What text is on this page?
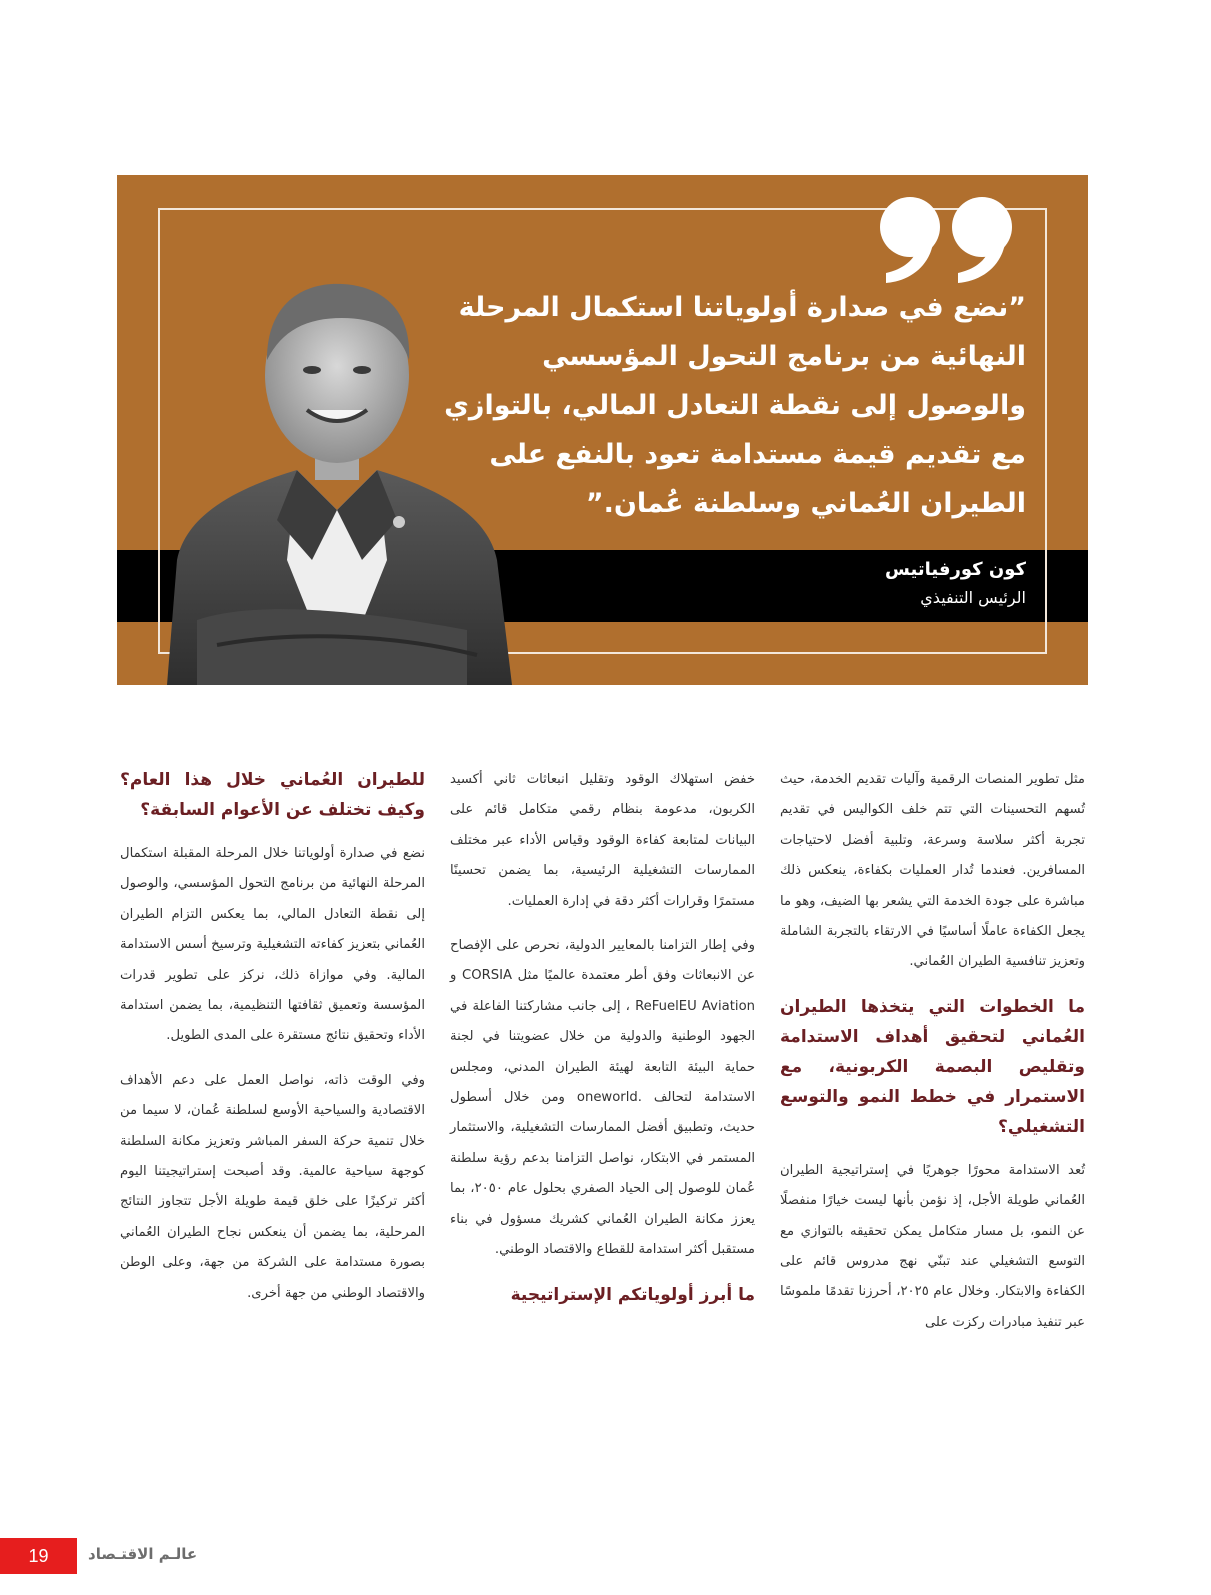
”نضع في صدارة أولوياتنا استكمال المرحلة النهائية من برنامج التحول المؤسسي والوصول إلى نقطة التعادل المالي، بالتوازي مع تقديم قيمة مستدامة تعود بالنفع على الطيران العُماني وسلطنة عُمان.”
كون كورفياتيس
الرئيس التنفيذي

مثل تطوير المنصات الرقمية وآليات تقديم الخدمة، حيث تُسهم التحسينات التي تتم خلف الكواليس في تقديم تجربة أكثر سلاسة وسرعة، وتلبية أفضل لاحتياجات المسافرين. فعندما تُدار العمليات بكفاءة، ينعكس ذلك مباشرة على جودة الخدمة التي يشعر بها الضيف، وهو ما يجعل الكفاءة عاملًا أساسيًا في الارتقاء بالتجربة الشاملة وتعزيز تنافسية الطيران العُماني.

ما الخطوات التي يتخذها الطيران العُماني لتحقيق أهداف الاستدامة وتقليص البصمة الكربونية، مع الاستمرار في خطط النمو والتوسع التشغيلي؟

تُعد الاستدامة محورًا جوهريًا في إستراتيجية الطيران العُماني طويلة الأجل، إذ نؤمن بأنها ليست خيارًا منفصلًا عن النمو، بل مسار متكامل يمكن تحقيقه بالتوازي مع التوسع التشغيلي عند تبنّي نهج مدروس قائم على الكفاءة والابتكار. وخلال عام ٢٠٢٥، أحرزنا تقدمًا ملموسًا عبر تنفيذ مبادرات ركزت على

خفض استهلاك الوقود وتقليل انبعاثات ثاني أكسيد الكربون، مدعومة بنظام رقمي متكامل قائم على البيانات لمتابعة كفاءة الوقود وقياس الأداء عبر مختلف الممارسات التشغيلية الرئيسية، بما يضمن تحسينًا مستمرًا وقرارات أكثر دقة في إدارة العمليات.

وفي إطار التزامنا بالمعايير الدولية، نحرص على الإفصاح عن الانبعاثات وفق أطر معتمدة عالميًا مثل CORSIA و ReFuelEU Aviation ، إلى جانب مشاركتنا الفاعلة في الجهود الوطنية والدولية من خلال عضويتنا في لجنة حماية البيئة التابعة لهيئة الطيران المدني، ومجلس الاستدامة لتحالف oneworld. ومن خلال أسطول حديث، وتطبيق أفضل الممارسات التشغيلية، والاستثمار المستمر في الابتكار، نواصل التزامنا بدعم رؤية سلطنة عُمان للوصول إلى الحياد الصفري بحلول عام ٢٠٥٠، بما يعزز مكانة الطيران العُماني كشريك مسؤول في بناء مستقبل أكثر استدامة للقطاع والاقتصاد الوطني.

ما أبرز أولوياتكم الإستراتيجية
للطيران العُماني خلال هذا العام؟ وكيف تختلف عن الأعوام السابقة؟

نضع في صدارة أولوياتنا خلال المرحلة المقبلة استكمال المرحلة النهائية من برنامج التحول المؤسسي، والوصول إلى نقطة التعادل المالي، بما يعكس التزام الطيران العُماني بتعزيز كفاءته التشغيلية وترسيخ أسس الاستدامة المالية. وفي موازاة ذلك، نركز على تطوير قدرات المؤسسة وتعميق ثقافتها التنظيمية، بما يضمن استدامة الأداء وتحقيق نتائج مستقرة على المدى الطويل.

وفي الوقت ذاته، نواصل العمل على دعم الأهداف الاقتصادية والسياحية الأوسع لسلطنة عُمان، لا سيما من خلال تنمية حركة السفر المباشر وتعزيز مكانة السلطنة كوجهة سياحية عالمية. وقد أصبحت إستراتيجيتنا اليوم أكثر تركيزًا على خلق قيمة طويلة الأجل تتجاوز النتائج المرحلية، بما يضمن أن ينعكس نجاح الطيران العُماني بصورة مستدامة على الشركة من جهة، وعلى الوطن والاقتصاد الوطني من جهة أخرى.

19	عالـم الاقتـصاد
